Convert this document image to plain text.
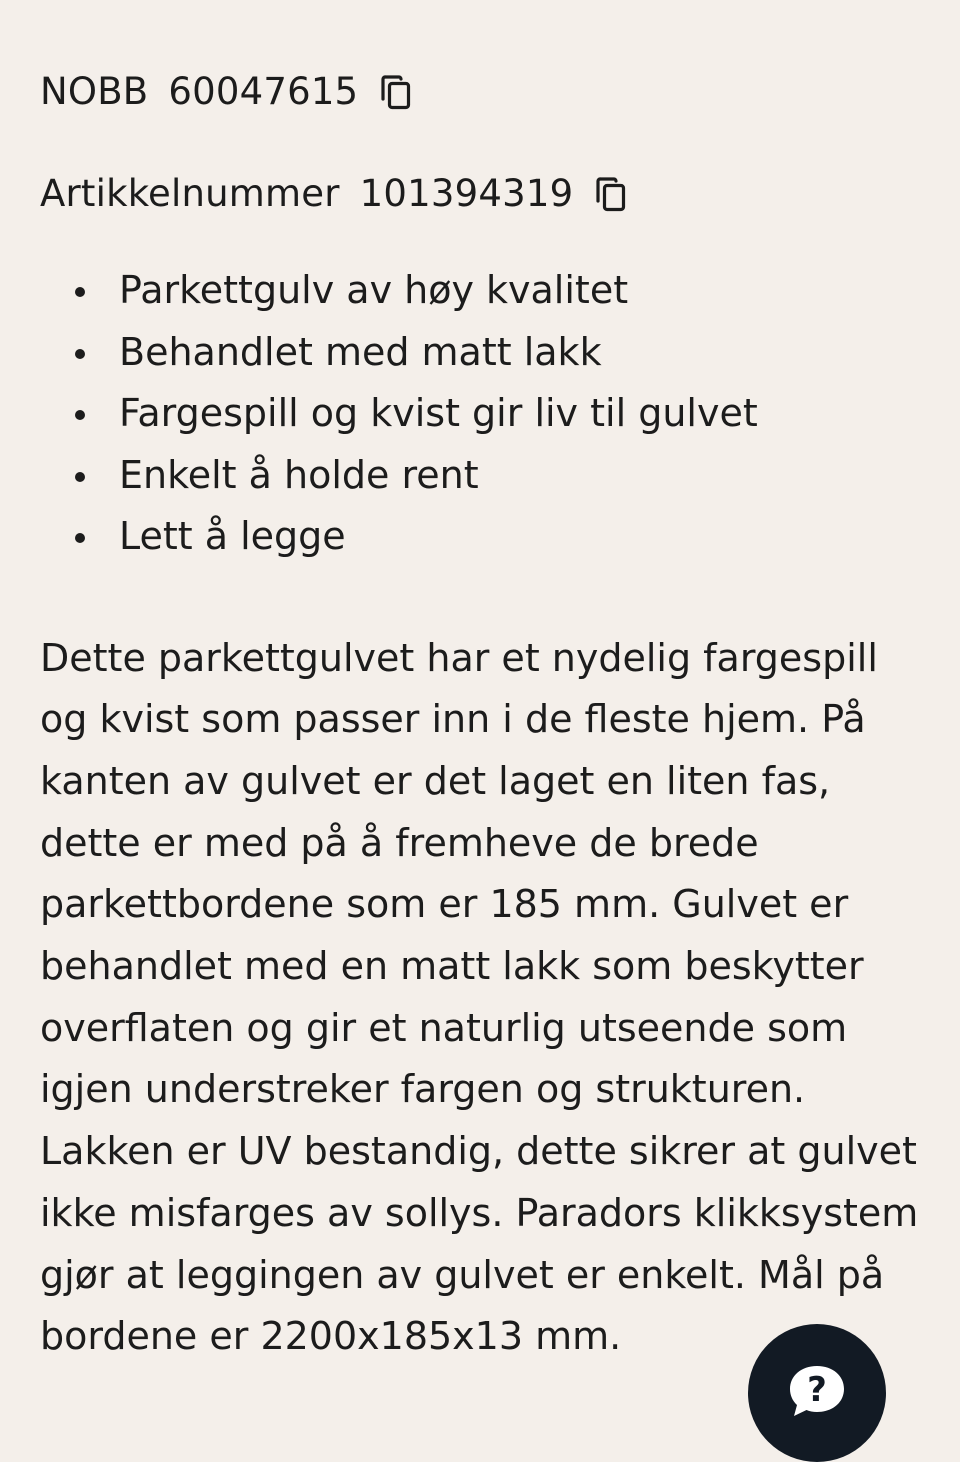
NOBB 60047615
Artikkelnummer 101394319
Parkettgulv av høy kvalitet
Behandlet med matt lakk
Fargespill og kvist gir liv til gulvet
Enkelt å holde rent
Lett å legge

Dette parkettgulvet har et nydelig fargespill og kvist som passer inn i de fleste hjem. På kanten av gulvet er det laget en liten fas, dette er med på å fremheve de brede parkettbordene som er 185 mm. Gulvet er behandlet med en matt lakk som beskytter overflaten og gir et naturlig utseende som igjen understreker fargen og strukturen. Lakken er UV bestandig, dette sikrer at gulvet ikke misfarges av sollys. Paradors klikksystem gjør at leggingen av gulvet er enkelt. Mål på bordene er 2200x185x13 mm.

?
